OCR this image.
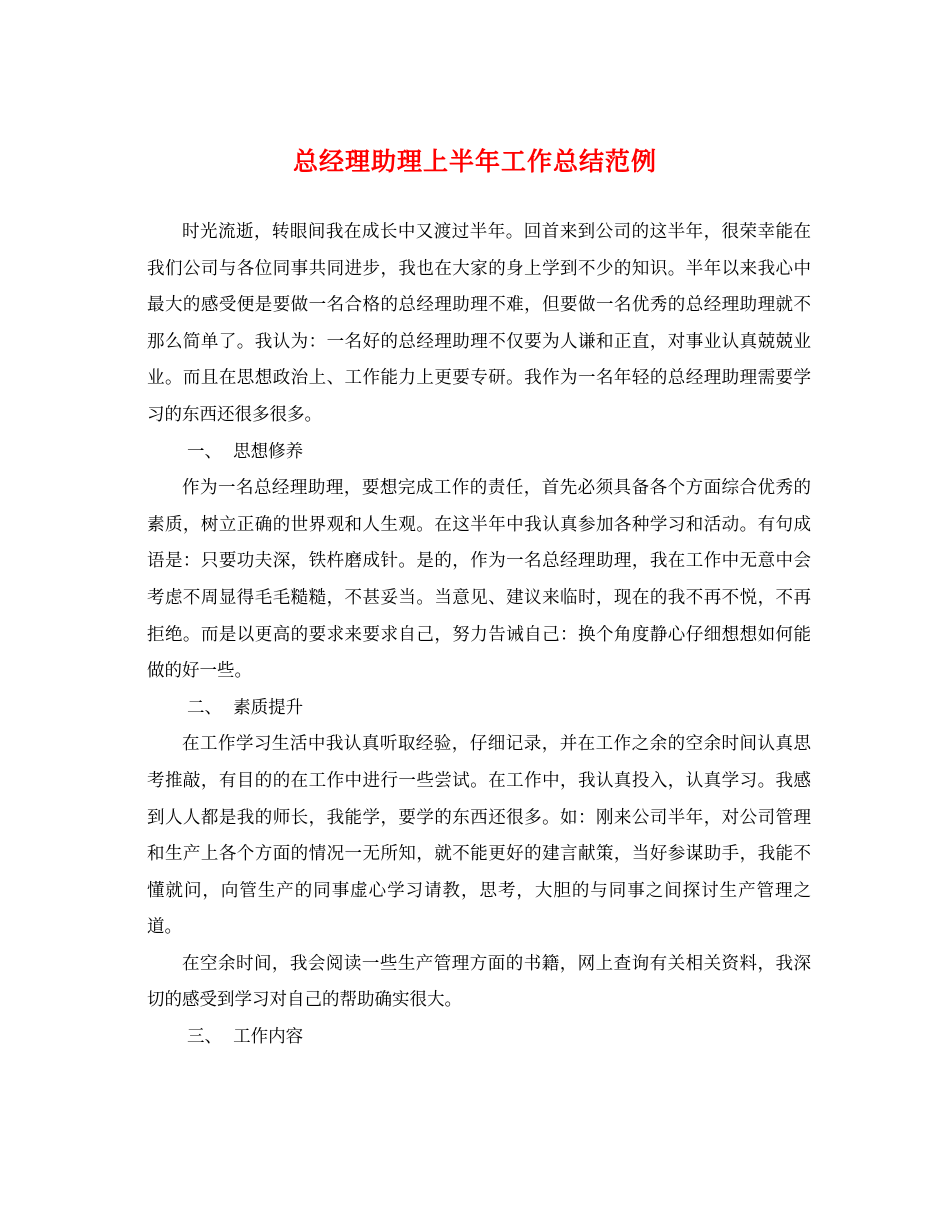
总经理助理上半年工作总结范例

时光流逝，转眼间我在成长中又渡过半年。回首来到公司的这半年，很荣幸能在我们公司与各位同事共同进步，我也在大家的身上学到不少的知识。半年以来我心中最大的感受便是要做一名合格的总经理助理不难，但要做一名优秀的总经理助理就不那么简单了。我认为：一名好的总经理助理不仅要为人谦和正直，对事业认真兢兢业业。而且在思想政治上、工作能力上更要专研。我作为一名年轻的总经理助理需要学习的东西还很多很多。

一、  思想修养

作为一名总经理助理，要想完成工作的责任，首先必须具备各个方面综合优秀的素质，树立正确的世界观和人生观。在这半年中我认真参加各种学习和活动。有句成语是：只要功夫深，铁杵磨成针。是的，作为一名总经理助理，我在工作中无意中会考虑不周显得毛毛糙糙，不甚妥当。当意见、建议来临时，现在的我不再不悦，不再拒绝。而是以更高的要求来要求自己，努力告诫自己：换个角度静心仔细想想如何能做的好一些。

二、  素质提升

在工作学习生活中我认真听取经验，仔细记录，并在工作之余的空余时间认真思考推敲，有目的的在工作中进行一些尝试。在工作中，我认真投入，认真学习。我感到人人都是我的师长，我能学，要学的东西还很多。如：刚来公司半年，对公司管理和生产上各个方面的情况一无所知，就不能更好的建言献策，当好参谋助手，我能不懂就问，向管生产的同事虚心学习请教，思考，大胆的与同事之间探讨生产管理之道。

在空余时间，我会阅读一些生产管理方面的书籍，网上查询有关相关资料，我深切的感受到学习对自己的帮助确实很大。

三、  工作内容
